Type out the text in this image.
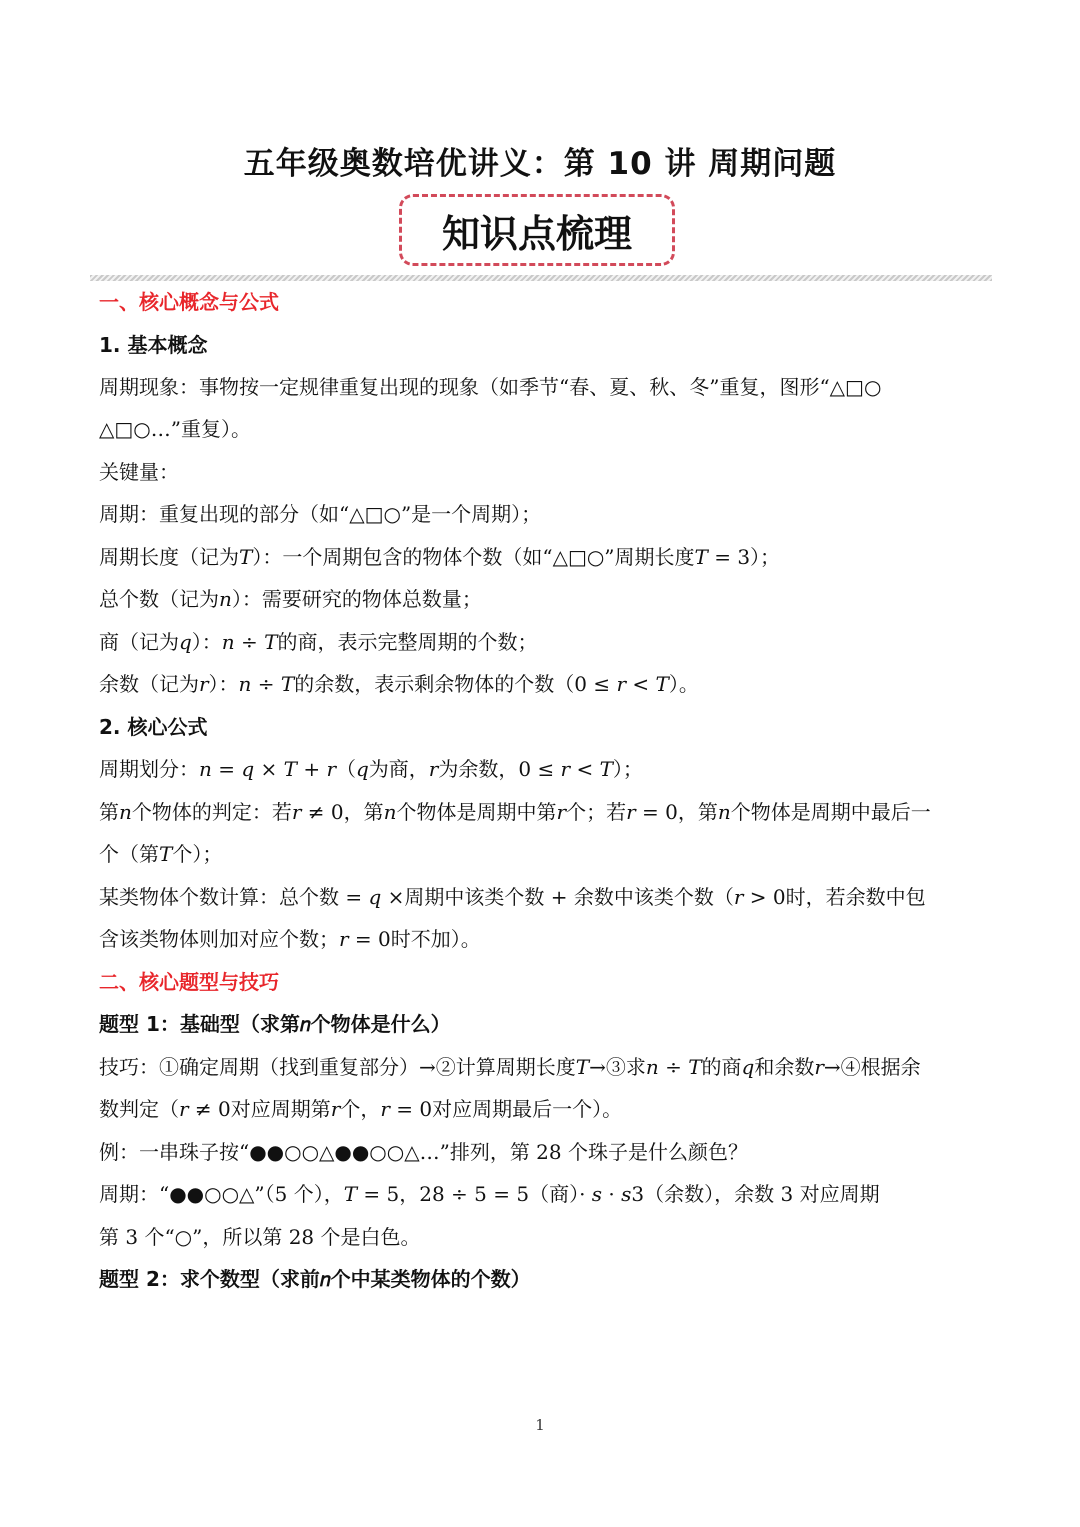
五年级奥数培优讲义：第 10 讲 周期问题
知识点梳理
一、核心概念与公式
1. 基本概念
周期现象：事物按一定规律重复出现的现象（如季节“春、夏、秋、冬”重复，图形“△□○
△□○…”重复）。
关键量：
周期：重复出现的部分（如“△□○”是一个周期）；
周期长度（记为𝑇）：一个周期包含的物体个数（如“△□○”周期长度𝑇 = 3）；
总个数（记为𝑛）：需要研究的物体总数量；
商（记为𝑞）：𝑛 ÷ 𝑇的商，表示完整周期的个数；
余数（记为𝑟）：𝑛 ÷ 𝑇的余数，表示剩余物体的个数（0 ≤ 𝑟 < 𝑇）。
2. 核心公式
周期划分：𝑛 = 𝑞 × 𝑇 + 𝑟（𝑞为商，𝑟为余数，0 ≤ 𝑟 < 𝑇）；
第𝑛个物体的判定：若𝑟 ≠ 0，第𝑛个物体是周期中第𝑟个；若𝑟 = 0，第𝑛个物体是周期中最后一
个（第𝑇个）；
某类物体个数计算：总个数 = 𝑞 ×周期中该类个数 + 余数中该类个数（𝑟 > 0时，若余数中包
含该类物体则加对应个数；𝑟 = 0时不加）。
二、核心题型与技巧
题型 1：基础型（求第𝑛个物体是什么）
技巧：①确定周期（找到重复部分）→②计算周期长度𝑇→③求𝑛 ÷ 𝑇的商𝑞和余数𝑟→④根据余
数判定（𝑟 ≠ 0对应周期第𝑟个，𝑟 = 0对应周期最后一个）。
例：一串珠子按“●●○○△●●○○△…”排列，第 28 个珠子是什么颜色？
周期：“●●○○△”（5 个），𝑇 = 5，28 ÷ 5 = 5（商）· 𝑠 · 𝑠3（余数），余数 3 对应周期
第 3 个“○”，所以第 28 个是白色。
题型 2：求个数型（求前𝑛个中某类物体的个数）
1
